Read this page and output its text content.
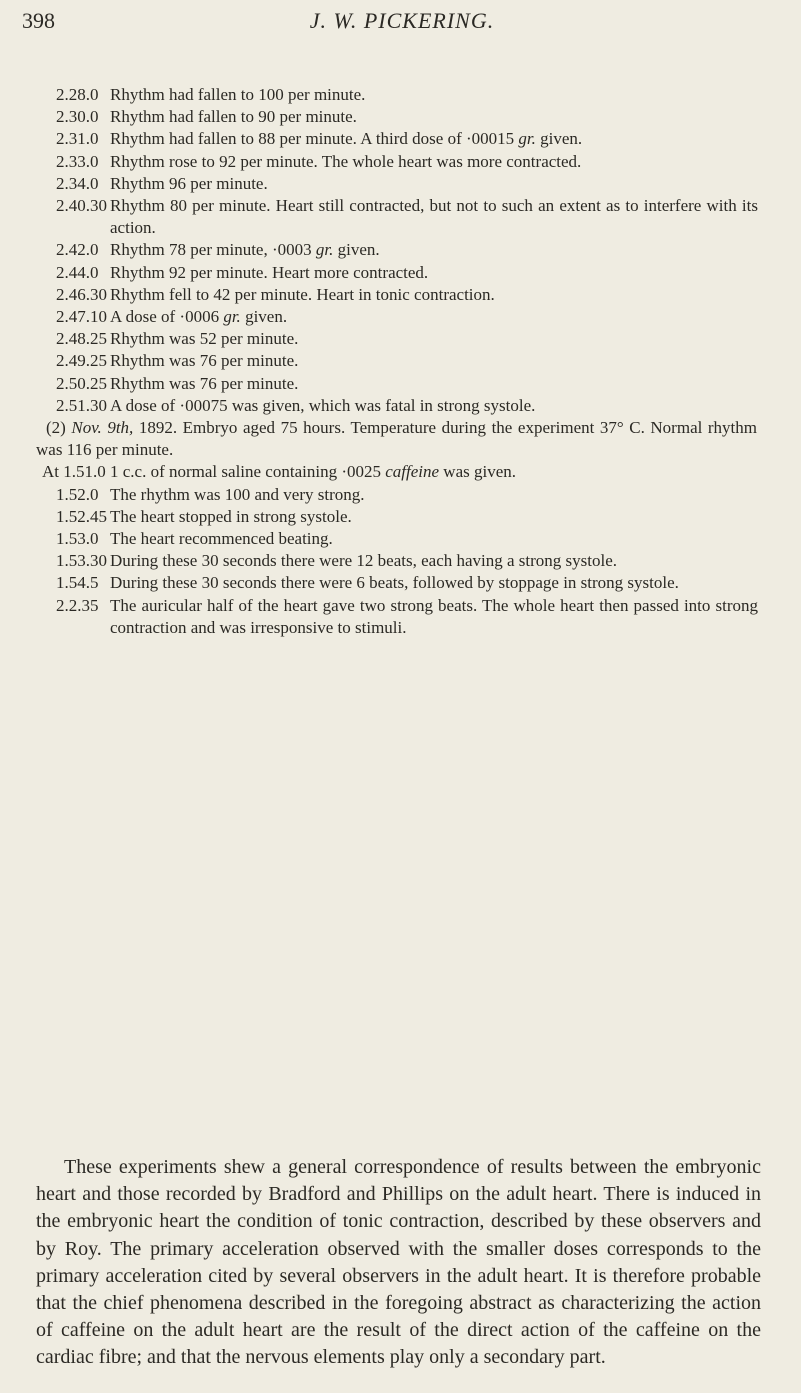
398	J. W. PICKERING.
2.28.0 Rhythm had fallen to 100 per minute.
2.30.0 Rhythm had fallen to 90 per minute.
2.31.0 Rhythm had fallen to 88 per minute. A third dose of ·00015 gr. given.
2.33.0 Rhythm rose to 92 per minute. The whole heart was more contracted.
2.34.0 Rhythm 96 per minute.
2.40.30 Rhythm 80 per minute. Heart still contracted, but not to such an extent as to interfere with its action.
2.42.0 Rhythm 78 per minute, ·0003 gr. given.
2.44.0 Rhythm 92 per minute. Heart more contracted.
2.46.30 Rhythm fell to 42 per minute. Heart in tonic contraction.
2.47.10 A dose of ·0006 gr. given.
2.48.25 Rhythm was 52 per minute.
2.49.25 Rhythm was 76 per minute.
2.50.25 Rhythm was 76 per minute.
2.51.30 A dose of ·00075 was given, which was fatal in strong systole.
(2) Nov. 9th, 1892. Embryo aged 75 hours. Temperature during the experiment 37° C. Normal rhythm was 116 per minute.
At 1.51.0 1 c.c. of normal saline containing ·0025 caffeine was given.
1.52.0 The rhythm was 100 and very strong.
1.52.45 The heart stopped in strong systole.
1.53.0 The heart recommenced beating.
1.53.30 During these 30 seconds there were 12 beats, each having a strong systole.
1.54.5 During these 30 seconds there were 6 beats, followed by stoppage in strong systole.
2.2.35 The auricular half of the heart gave two strong beats. The whole heart then passed into strong contraction and was irresponsive to stimuli.
These experiments shew a general correspondence of results between the embryonic heart and those recorded by Bradford and Phillips on the adult heart. There is induced in the embryonic heart the condition of tonic contraction, described by these observers and by Roy. The primary acceleration observed with the smaller doses corresponds to the primary acceleration cited by several observers in the adult heart. It is therefore probable that the chief phenomena described in the foregoing abstract as characterizing the action of caffeine on the adult heart are the result of the direct action of the caffeine on the cardiac fibre; and that the nervous elements play only a secondary part.
